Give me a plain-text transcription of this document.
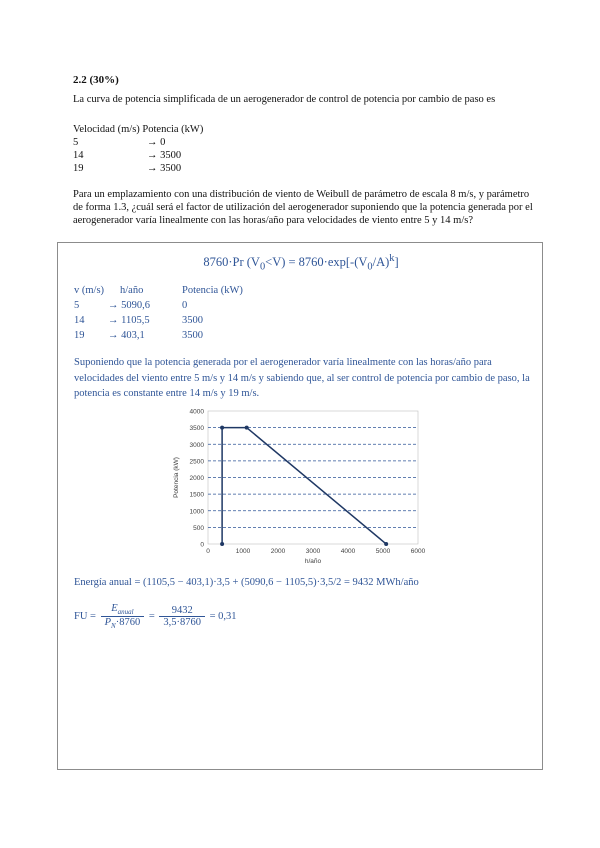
2.2 (30%)
La curva de potencia simplificada de un aerogenerador de control de potencia por cambio de paso es
Velocidad (m/s) Potencia (kW)
5	→ 0
14	→ 3500
19	→ 3500
Para un emplazamiento con una distribución de viento de Weibull de parámetro de escala 8 m/s, y parámetro de forma 1.3, ¿cuál será el factor de utilización del aerogenerador suponiendo que la potencia generada por el aerogenerador varía linealmente con las horas/año para velocidades de viento entre 5 y 14 m/s?
8760·Pr $(V_0<V) = 8760\cdot\exp[-(V_0/A)^k]$
v (m/s) h/año	Potencia (kW)
5	→ 5090,6	0
14 → 1105,5	3500
19 → 403,1	3500
Suponiendo que la potencia generada por el aerogenerador varía linealmente con las horas/año para velocidades del viento entre 5 m/s y 14 m/s y sabiendo que, al ser control de potencia por cambio de paso, la potencia es constante entre 14 m/s y 19 m/s.
0
500
1000
1500
2000
2500
3000
3500
4000
0	1000	2000	3000	4000	5000	6000
h/año
Potencia (kW)
Energía anual = (1105,5 − 403,1)·3,5 + (5090,6 − 1105,5)·3,5/2 = 9432 MWh/año
FU =
$E_{anual}$
$P_N\cdot 8760$
= $\frac{9432}{3,5\cdot 8760} = 0,31$
